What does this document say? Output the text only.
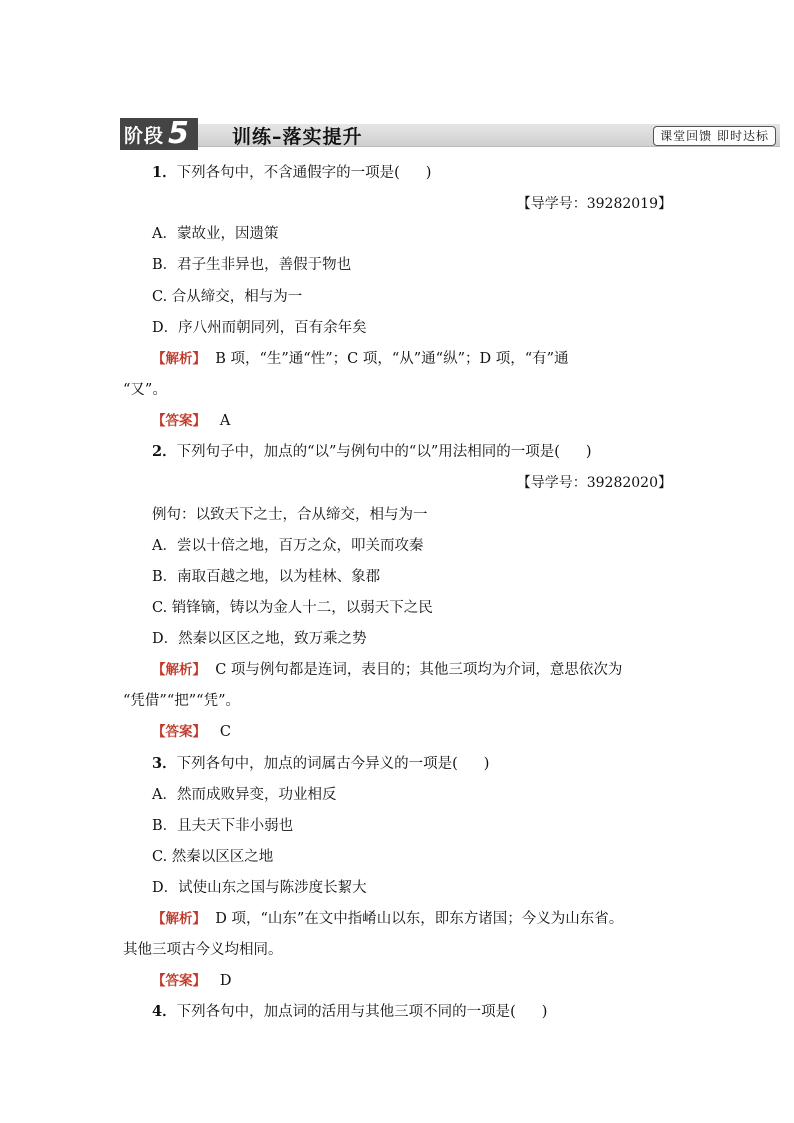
阶段 5 训练–落实提升	课堂回馈 即时达标
1．下列各句中，不含通假字的一项是( )
【导学号：39282019】
A．蒙故业，因遗策
B．君子生非异也，善假于物也
C. 合从缔交，相与为一
D．序八州而朝同列，百有余年矣
【解析】 B 项，“生”通“性”；C 项，“从”通“纵”；D 项，“有”通
“又”。
【答案】 A
2．下列句子中，加点的“以”与例句中的“以”用法相同的一项是( )
【导学号：39282020】
例句：以致天下之士，合从缔交，相与为一
A．尝以十倍之地，百万之众，叩关而攻秦
B．南取百越之地，以为桂林、象郡
C. 销锋镝，铸以为金人十二，以弱天下之民
D．然秦以区区之地，致万乘之势
【解析】 C 项与例句都是连词，表目的；其他三项均为介词，意思依次为
“凭借”“把”“凭”。
【答案】 C
3．下列各句中，加点的词属古今异义的一项是( )
A．然而成败异变，功业相反
B．且夫天下非小弱也
C. 然秦以区区之地
D．试使山东之国与陈涉度长絜大
【解析】 D 项，“山东”在文中指崤山以东，即东方诸国；今义为山东省。
其他三项古今义均相同。
【答案】 D
4．下列各句中，加点词的活用与其他三项不同的一项是( )
